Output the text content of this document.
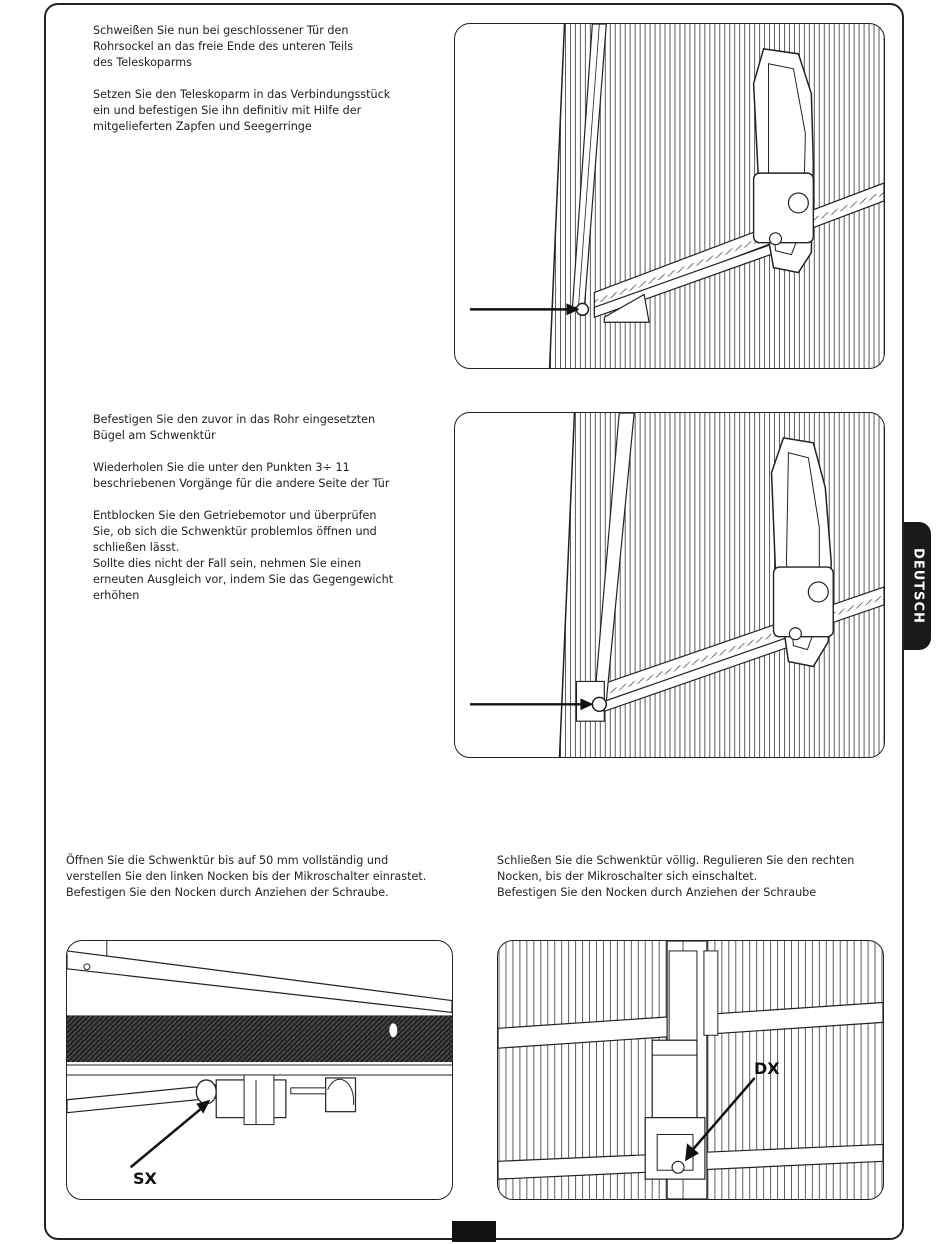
DEUTSCH

Schweißen Sie nun bei geschlossener Tür den
Rohrsockel an das freie Ende des unteren Teils
des Teleskoparms

Setzen Sie den Teleskoparm in das Verbindungsstück
ein und befestigen Sie ihn definitiv mit Hilfe der
mitgelieferten Zapfen und Seegerringe

Befestigen Sie den zuvor in das Rohr eingesetzten
Bügel am Schwenktür

Wiederholen Sie die unter den Punkten 3÷ 11
beschriebenen Vorgänge für die andere Seite der Tür

Entblocken Sie den Getriebemotor und überprüfen
Sie, ob sich die Schwenktür problemlos öffnen und
schließen lässt.
Sollte dies nicht der Fall sein, nehmen Sie einen
erneuten Ausgleich vor, indem Sie das Gegengewicht
erhöhen

Öffnen Sie die Schwenktür bis auf 50 mm vollständig und
verstellen Sie den linken Nocken bis der Mikroschalter einrastet.
Befestigen Sie den Nocken durch Anziehen der Schraube.
Schließen Sie die Schwenktür völlig. Regulieren Sie den rechten
Nocken, bis der Mikroschalter sich einschaltet.
Befestigen Sie den Nocken durch Anziehen der Schraube
SX
DX
